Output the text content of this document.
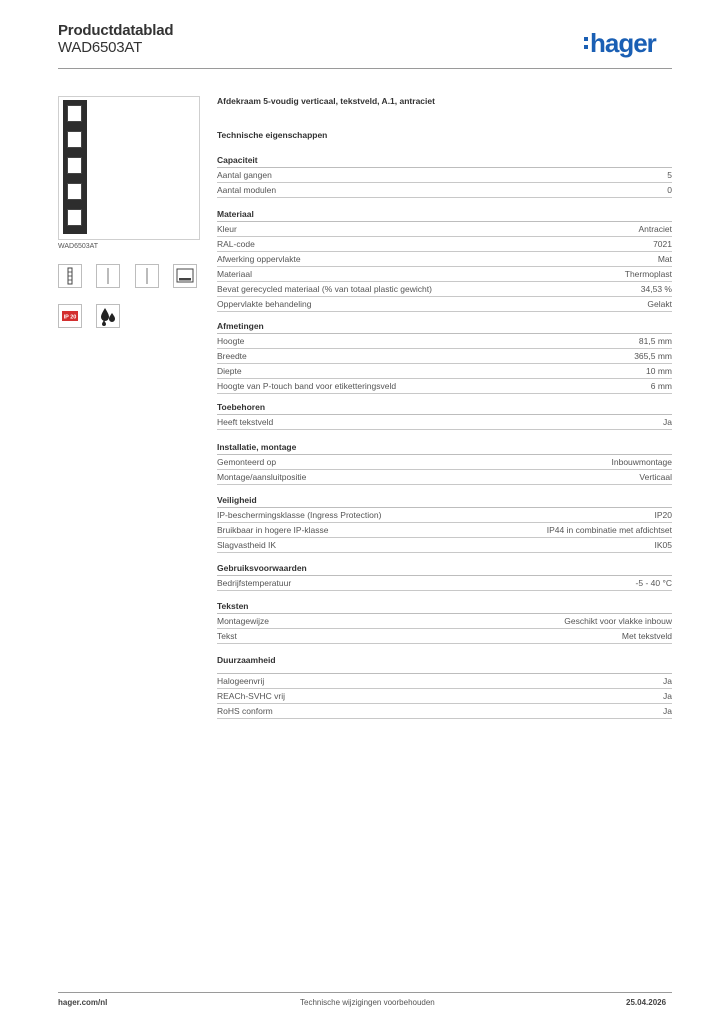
Productdatablad
WAD6503AT	hager
WAD6503AT
IP 20
Afdekraam 5-voudig verticaal, tekstveld, A.1, antraciet
Technische eigenschappen
Capaciteit
Aantal gangen	5
Aantal modulen	0
Materiaal
Kleur	Antraciet
RAL-code	7021
Afwerking oppervlakte	Mat
Materiaal	Thermoplast
Bevat gerecycled materiaal (% van totaal plastic gewicht)	34,53 %
Oppervlakte behandeling	Gelakt
Afmetingen
Hoogte	81,5 mm
Breedte	365,5 mm
Diepte	10 mm
Hoogte van P-touch band voor etiketteringsveld	6 mm
Toebehoren
Heeft tekstveld	Ja
Installatie, montage
Gemonteerd op	Inbouwmontage
Montage/aansluitpositie	Verticaal
Veiligheid
IP-beschermingsklasse (Ingress Protection)	IP20
Bruikbaar in hogere IP-klasse	IP44 in combinatie met afdichtset
Slagvastheid IK	IK05
Gebruiksvoorwaarden
Bedrijfstemperatuur	-5 - 40 °C
Teksten
Montagewijze	Geschikt voor vlakke inbouw
Tekst	Met tekstveld
Duurzaamheid
Halogeenvrij	Ja
REACh-SVHC vrij	Ja
RoHS conform	Ja
hager.com/nl	Technische wijzigingen voorbehouden	25.04.2026
